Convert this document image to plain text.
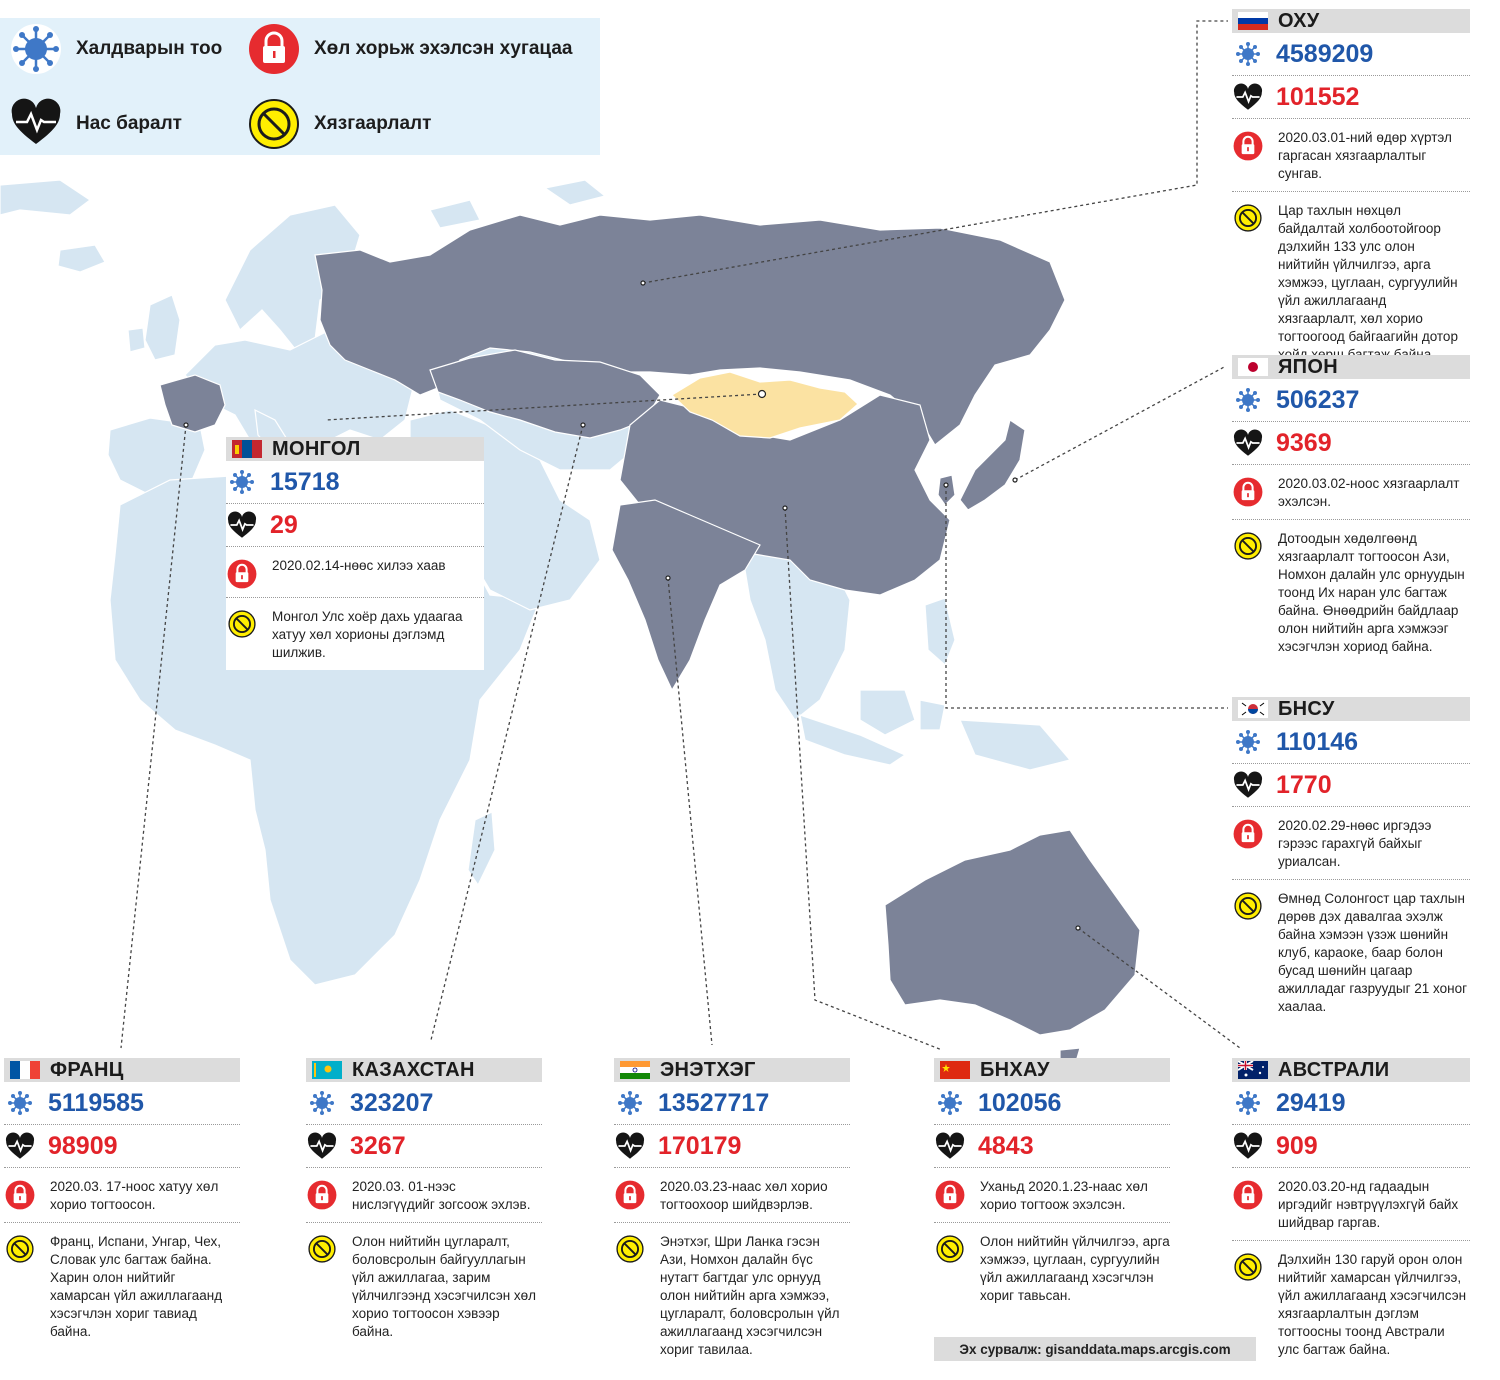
Халдварын тоо	Хөл хорьж эхэлсэн хугацаа
Нас баралт	Хязгаарлалт
МОНГОЛ
15718
29
2020.02.14-нөөс хилээ хаав
Монгол Улс хоёр дахь удаагаа хатуу хөл хорионы дэглэмд шилжив.
ОХУ
4589209
101552
2020.03.01-ний өдөр хүртэл гаргасан хязгаарлалтыг сунгав.
Цар тахлын нөхцөл байдалтай холбоотойгоор дэлхийн 133 улс олон нийтийн үйлчилгээ, арга хэмжээ, цуглаан, сургуулийн үйл ажиллагаанд хязгаарлалт, хөл хорио тогтоогоод байгаагийн дотор
ЯПОН
506237
9369
2020.03.02-ноос хязгаарлалт эхэлсэн.
Дотоодын хөдөлгөөнд хязгаарлалт тогтоосон Ази, Номхон далайн улс орнуудын тоонд Их наран улс багтаж байна. Өнөөдрийн байдлаар олон нийтийн арга хэмжээг хэсэгчлэн хориод байна.
БНСУ
110146
1770
2020.02.29-нөөс иргэдээ гэрээс гарахгүй байхыг уриалсан.
Өмнөд Солонгост цар тахлын дөрөв дэх давалгаа эхэлж байна хэмээн үзэж шөнийн клуб, караоке, баар болон бусад шөнийн цагаар ажилладаг газруудыг 21 хоног хаалаа.
ФРАНЦ
5119585
98909
2020.03. 17-ноос хатуу хөл хорио тогтоосон.
Франц, Испани, Унгар, Чех, Словак улс багтаж байна. Харин олон нийтийг хамарсан үйл ажиллагаанд хэсэгчлэн хориг тавиад байна.
КАЗАХСТАН
323207
3267
2020.03. 01-нээс нислэгүүдийг зогсоож эхлэв.
Олон нийтийн цугларалт, боловсролын байгууллагын үйл ажиллагаа, зарим үйлчилгээнд хэсэгчилсэн хөл хорио тогтоосон хэвээр байна.
ЭНЭТХЭГ
13527717
170179
2020.03.23-наас хөл хорио тогтоохоор шийдвэрлэв.
Энэтхэг, Шри Ланка гэсэн Ази, Номхон далайн бүс нутагт багтдаг улс орнууд олон нийтийн арга хэмжээ, цугларалт, боловсролын үйл ажиллагаанд хэсэгчилсэн хориг тавилаа.
БНХАУ
102056
4843
Уханьд 2020.1.23-наас хөл хорио тогтоож эхэлсэн.
Олон нийтийн үйлчилгээ, арга хэмжээ, цуглаан, сургуулийн үйл ажиллагаанд хэсэгчлэн хориг тавьсан.
АВСТРАЛИ
29419
909
2020.03.20-нд гадаадын иргэдийг нэвтрүүлэхгүй байх шийдвар гаргав.
Дэлхийн 130 гаруй орон олон нийтийг хамарсан үйлчилгээ, үйл ажиллагаанд хэсэгчилсэн хязгаарлалтын дэглэм тогтоосны тоонд Австрали улс багтаж байна.
Эх сурвалж: gisanddata.maps.arcgis.com
